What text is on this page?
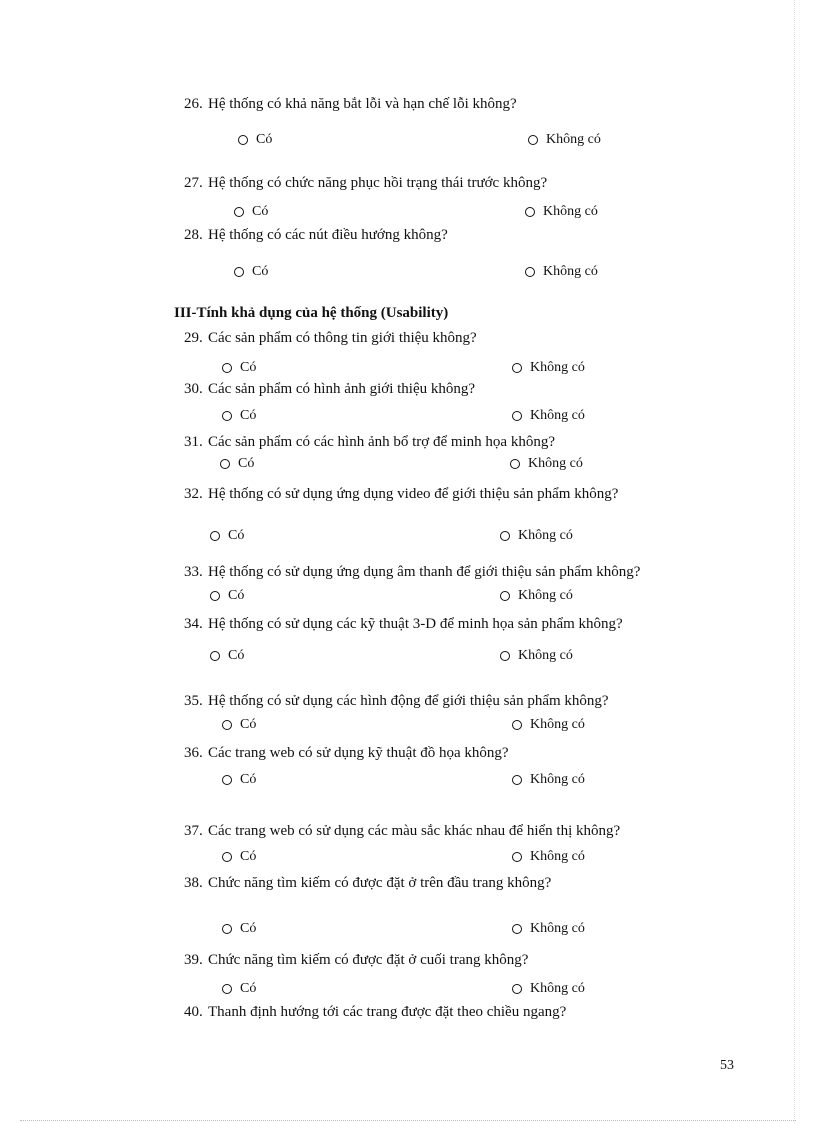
26. Hệ thống có khả năng bắt lỗi và hạn chế lỗi không?
Có	Không có
27. Hệ thống có chức năng phục hồi trạng thái trước không?
Có	Không có
28. Hệ thống có các nút điều hướng không?
Có	Không có
III-Tính khả dụng của hệ thống (Usability)
29. Các sản phẩm có thông tin giới thiệu không?
Có	Không có
30. Các sản phẩm có hình ảnh giới thiệu không?
Có	Không có
31. Các sản phẩm có các hình ảnh bổ trợ để minh họa không?
Có	Không có
32. Hệ thống có sử dụng ứng dụng video để giới thiệu sản phẩm không?
Có	Không có
33. Hệ thống có sử dụng ứng dụng âm thanh để giới thiệu sản phẩm không?
Có	Không có
34. Hệ thống có sử dụng các kỹ thuật 3-D để minh họa sản phẩm không?
Có	Không có
35. Hệ thống có sử dụng các hình động để giới thiệu sản phẩm không?
Có	Không có
36. Các trang web có sử dụng kỹ thuật đồ họa không?
Có	Không có
37. Các trang web có sử dụng các màu sắc khác nhau để hiển thị không?
Có	Không có
38. Chức năng tìm kiếm có được đặt ở trên đầu trang không?
Có	Không có
39. Chức năng tìm kiếm có được đặt ở cuối trang không?
Có	Không có
40. Thanh định hướng tới các trang được đặt theo chiều ngang?
53
